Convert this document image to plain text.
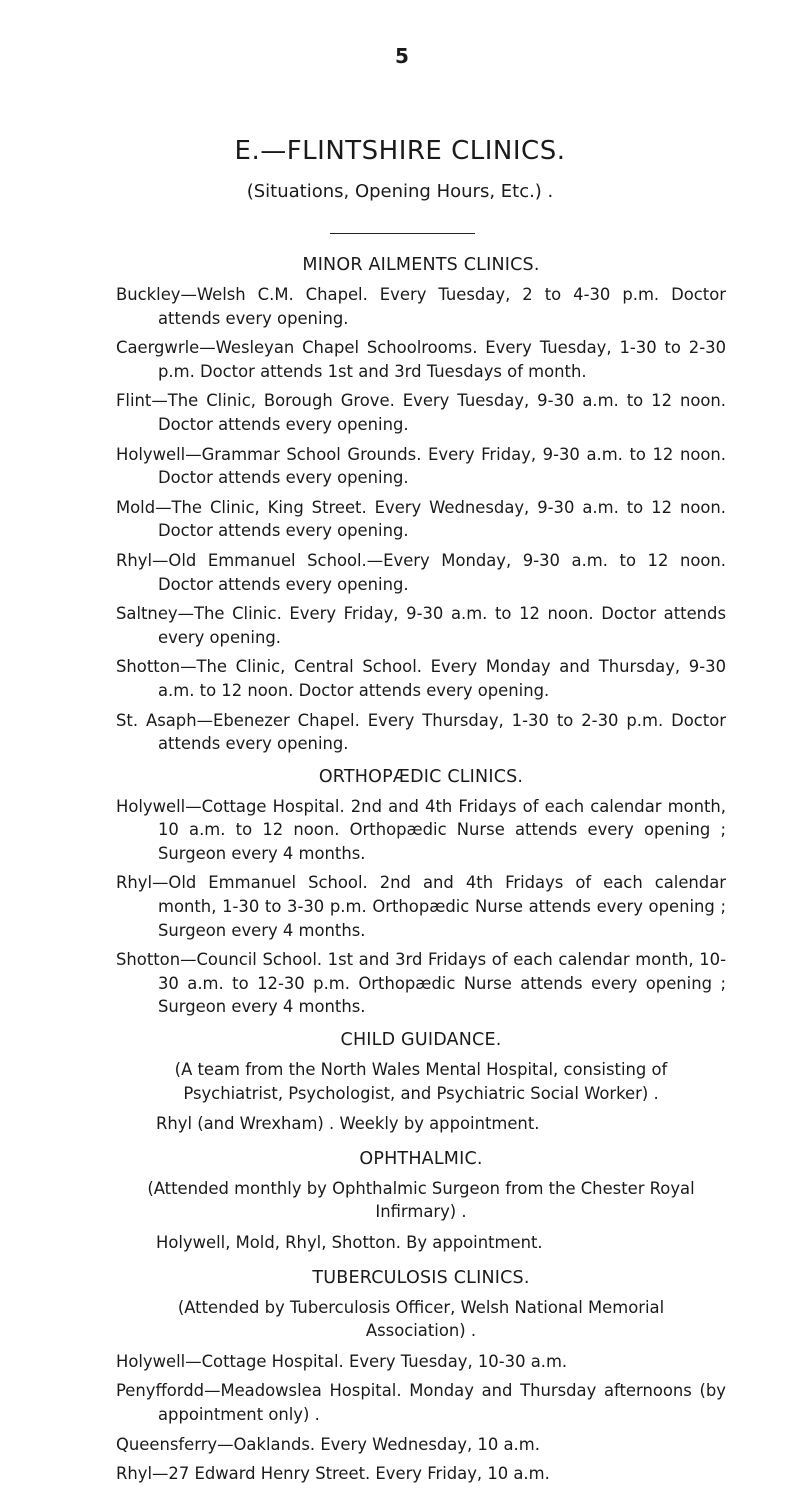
5
E.—FLINTSHIRE CLINICS.
(Situations, Opening Hours, Etc.) .
MINOR AILMENTS CLINICS.

Buckley—Welsh C.M. Chapel. Every Tuesday, 2 to 4-30 p.m. Doctor attends every opening.

Caergwrle—Wesleyan Chapel Schoolrooms. Every Tuesday, 1-30 to 2-30 p.m. Doctor attends 1st and 3rd Tuesdays of month.

Flint—The Clinic, Borough Grove. Every Tuesday, 9-30 a.m. to 12 noon. Doctor attends every opening.

Holywell—Grammar School Grounds. Every Friday, 9-30 a.m. to 12 noon. Doctor attends every opening.

Mold—The Clinic, King Street. Every Wednesday, 9-30 a.m. to 12 noon. Doctor attends every opening.

Rhyl—Old Emmanuel School.—Every Monday, 9-30 a.m. to 12 noon. Doctor attends every opening.

Saltney—The Clinic. Every Friday, 9-30 a.m. to 12 noon. Doctor attends every opening.

Shotton—The Clinic, Central School. Every Monday and Thursday, 9-30 a.m. to 12 noon. Doctor attends every opening.

St. Asaph—Ebenezer Chapel. Every Thursday, 1-30 to 2-30 p.m. Doctor attends every opening.

ORTHOPÆDIC CLINICS.

Holywell—Cottage Hospital. 2nd and 4th Fridays of each calendar month, 10 a.m. to 12 noon. Orthopædic Nurse attends every opening ; Surgeon every 4 months.

Rhyl—Old Emmanuel School. 2nd and 4th Fridays of each calendar month, 1-30 to 3-30 p.m. Orthopædic Nurse attends every opening ; Surgeon every 4 months.

Shotton—Council School. 1st and 3rd Fridays of each calendar month, 10-30 a.m. to 12-30 p.m. Orthopædic Nurse attends every opening ; Surgeon every 4 months.

CHILD GUIDANCE.

(A team from the North Wales Mental Hospital, consisting of Psychiatrist, Psychologist, and Psychiatric Social Worker) .

Rhyl (and Wrexham) . Weekly by appointment.

OPHTHALMIC.

(Attended monthly by Ophthalmic Surgeon from the Chester Royal Infirmary) .

Holywell, Mold, Rhyl, Shotton. By appointment.

TUBERCULOSIS CLINICS.

(Attended by Tuberculosis Officer, Welsh National Memorial Association) .

Holywell—Cottage Hospital. Every Tuesday, 10-30 a.m.

Penyffordd—Meadowslea Hospital. Monday and Thursday afternoons (by appointment only) .

Queensferry—Oaklands. Every Wednesday, 10 a.m.

Rhyl—27 Edward Henry Street. Every Friday, 10 a.m.
